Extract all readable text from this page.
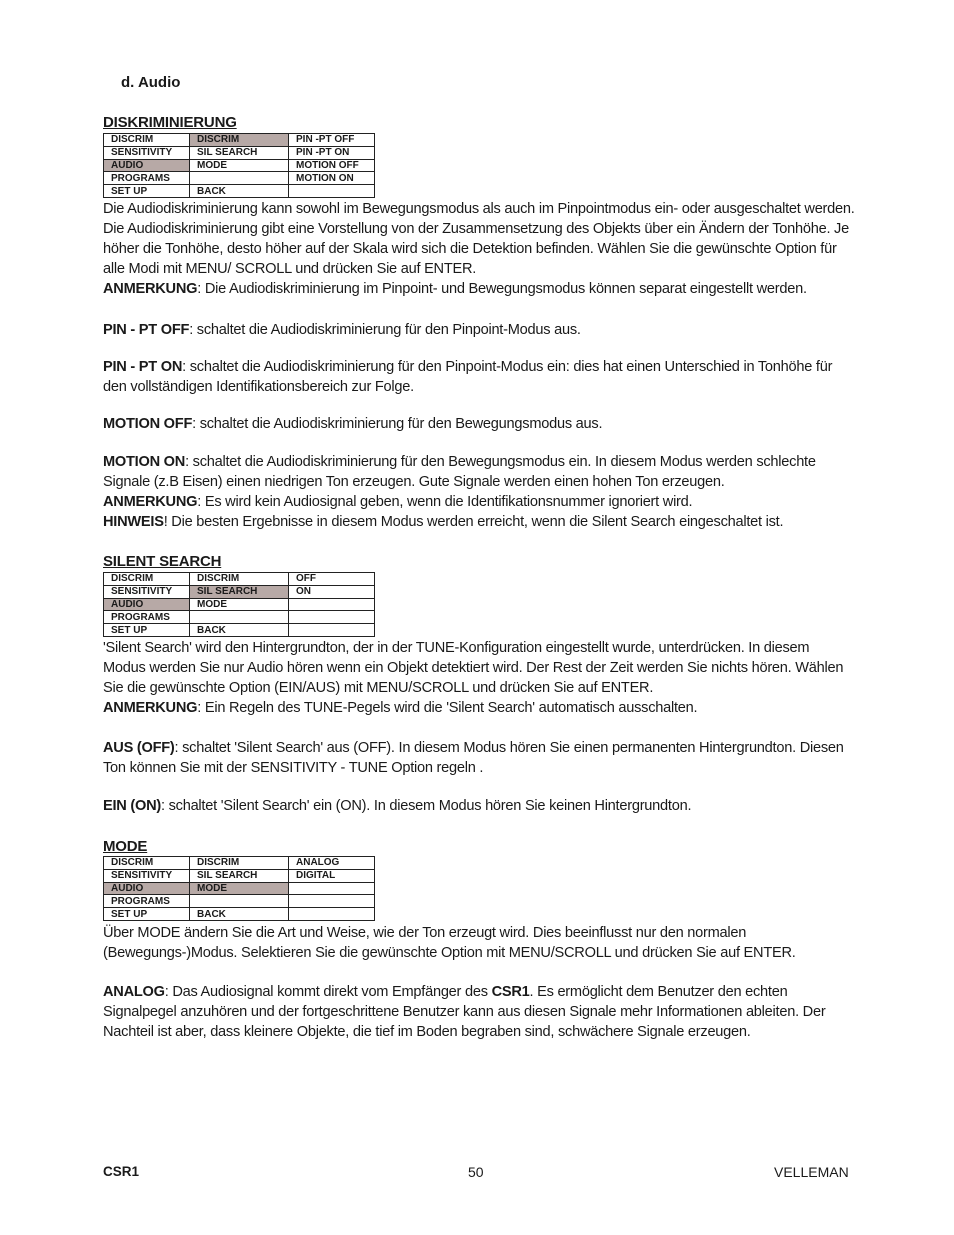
d. Audio
DISKRIMINIERUNG
DISCRIM	DISCRIM	PIN -PT OFF
SENSITIVITY	SIL SEARCH	PIN -PT ON
AUDIO	MODE	MOTION OFF
PROGRAMS		MOTION ON
SET UP	BACK	

Die Audiodiskriminierung kann sowohl im Bewegungsmodus als auch im Pinpointmodus ein- oder ausgeschaltet werden. Die Audiodiskriminierung gibt eine Vorstellung von der Zusammensetzung des Objekts über ein Ändern der Tonhöhe. Je höher die Tonhöhe, desto höher auf der Skala wird sich die Detektion befinden. Wählen Sie die gewünschte Option für alle Modi mit MENU/ SCROLL und drücken Sie auf ENTER.

ANMERKUNG: Die Audiodiskriminierung im Pinpoint- und Bewegungsmodus können separat eingestellt werden.

PIN - PT OFF: schaltet die Audiodiskriminierung für den Pinpoint-Modus aus.

PIN - PT ON: schaltet die Audiodiskriminierung für den Pinpoint-Modus ein: dies hat einen Unterschied in Tonhöhe für den vollständigen Identifikationsbereich zur Folge.

MOTION OFF: schaltet die Audiodiskriminierung für den Bewegungsmodus aus.

MOTION ON: schaltet die Audiodiskriminierung für den Bewegungsmodus ein. In diesem Modus werden schlechte Signale (z.B Eisen) einen niedrigen Ton erzeugen. Gute Signale werden einen hohen Ton erzeugen.

ANMERKUNG: Es wird kein Audiosignal geben, wenn die Identifikationsnummer ignoriert wird.

HINWEIS! Die besten Ergebnisse in diesem Modus werden erreicht, wenn die Silent Search eingeschaltet ist.

SILENT SEARCH
DISCRIM	DISCRIM	OFF
SENSITIVITY	SIL SEARCH	ON
AUDIO	MODE	
PROGRAMS		
SET UP	BACK	

'Silent Search' wird den Hintergrundton, der in der TUNE-Konfiguration eingestellt wurde, unterdrücken. In diesem Modus werden Sie nur Audio hören wenn ein Objekt detektiert wird. Der Rest der Zeit werden Sie nichts hören. Wählen Sie die gewünschte Option (EIN/AUS) mit MENU/SCROLL und drücken Sie auf ENTER.

ANMERKUNG: Ein Regeln des TUNE-Pegels wird die 'Silent Search' automatisch ausschalten.

AUS (OFF): schaltet 'Silent Search' aus (OFF). In diesem Modus hören Sie einen permanenten Hintergrundton. Diesen Ton können Sie mit der SENSITIVITY - TUNE Option regeln .

EIN (ON): schaltet 'Silent Search' ein (ON). In diesem Modus hören Sie keinen Hintergrundton.

MODE
DISCRIM	DISCRIM	ANALOG
SENSITIVITY	SIL SEARCH	DIGITAL
AUDIO	MODE	
PROGRAMS		
SET UP	BACK	

Über MODE ändern Sie die Art und Weise, wie der Ton erzeugt wird. Dies beeinflusst nur den normalen (Bewegungs-)Modus. Selektieren Sie die gewünschte Option mit MENU/SCROLL und drücken Sie auf ENTER.

ANALOG: Das Audiosignal kommt direkt vom Empfänger des CSR1. Es ermöglicht dem Benutzer den echten Signalpegel anzuhören und der fortgeschrittene Benutzer kann aus diesen Signale mehr Informationen ableiten. Der Nachteil ist aber, dass kleinere Objekte, die tief im Boden begraben sind, schwächere Signale erzeugen.

CSR1	50	VELLEMAN
